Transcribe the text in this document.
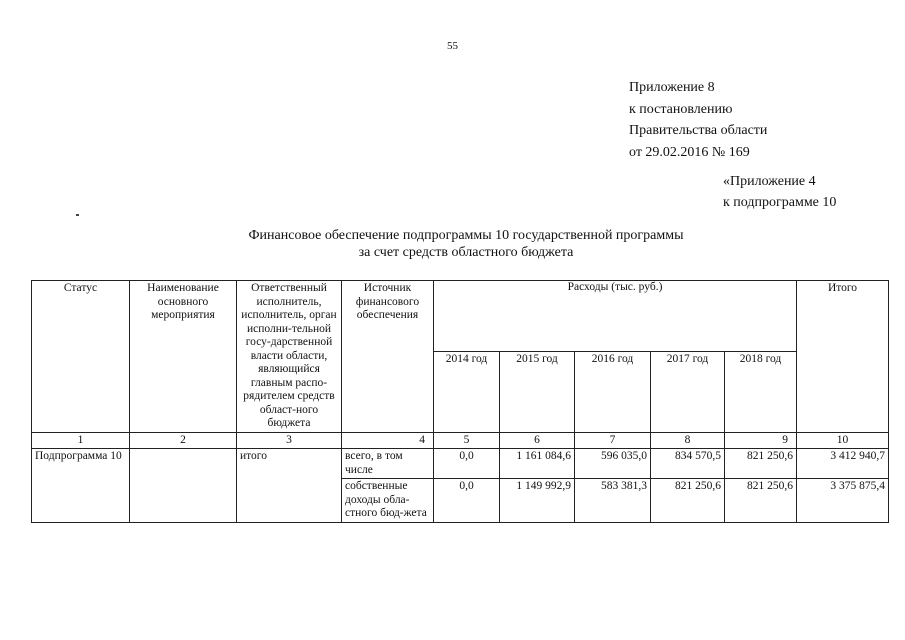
55
Приложение 8
к постановлению
Правительства области
от 29.02.2016 № 169
«Приложение 4
к подпрограмме 10
Финансовое обеспечение подпрограммы 10 государственной программы
за счет средств областного бюджета
Статус	Наименование основного мероприятия	Ответственный исполнитель, исполнитель, орган исполни-тельной госу-дарственной власти области, являющийся главным распо-рядителем средств област-ного бюджета	Источник финансового обеспечения	Расходы (тыс. руб.)					Итого
				2014 год	2015 год	2016 год	2017 год	2018 год	
1	2	3	4	5	6	7	8	9	10
Подпрограмма 10		итого	всего, в том числе	0,0	1 161 084,6	596 035,0	834 570,5	821 250,6	3 412 940,7
			собственные доходы обла-стного бюд-жета	0,0	1 149 992,9	583 381,3	821 250,6	821 250,6	3 375 875,4
